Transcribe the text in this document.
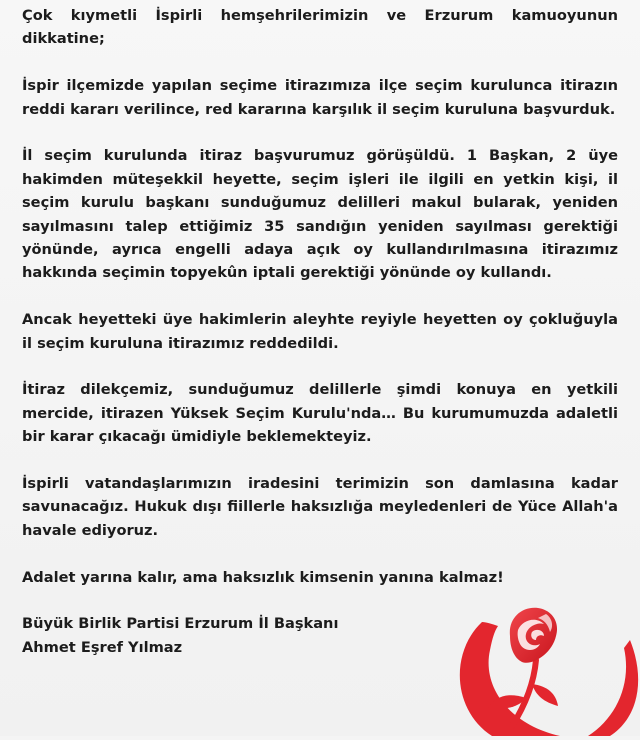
Çok kıymetli İspirli hemşehrilerimizin ve Erzurum kamuoyunun dikkatine;

İspir ilçemizde yapılan seçime itirazımıza ilçe seçim kurulunca itirazın reddi kararı verilince, red kararına karşılık il seçim kuruluna başvurduk.

İl seçim kurulunda itiraz başvurumuz görüşüldü. 1 Başkan, 2 üye hakimden müteşekkil heyette, seçim işleri ile ilgili en yetkin kişi, il seçim kurulu başkanı sunduğumuz delilleri makul bularak, yeniden sayılmasını talep ettiğimiz 35 sandığın yeniden sayılması gerektiği yönünde, ayrıca engelli adaya açık oy kullandırılmasına itirazımız hakkında seçimin topyekûn iptali gerektiği yönünde oy kullandı.

Ancak heyetteki üye hakimlerin aleyhte reyiyle heyetten oy çokluğuyla il seçim kuruluna itirazımız reddedildi.

İtiraz dilekçemiz, sunduğumuz delillerle şimdi konuya en yetkili mercide, itirazen Yüksek Seçim Kurulu'nda… Bu kurumumuzda adaletli bir karar çıkacağı ümidiyle beklemekteyiz.

İspirli vatandaşlarımızın iradesini terimizin son damlasına kadar savunacağız. Hukuk dışı fiillerle haksızlığa meyledenleri de Yüce Allah'a havale ediyoruz.

Adalet yarına kalır, ama haksızlık kimsenin yanına kalmaz!

Büyük Birlik Partisi Erzurum İl Başkanı
Ahmet Eşref Yılmaz
